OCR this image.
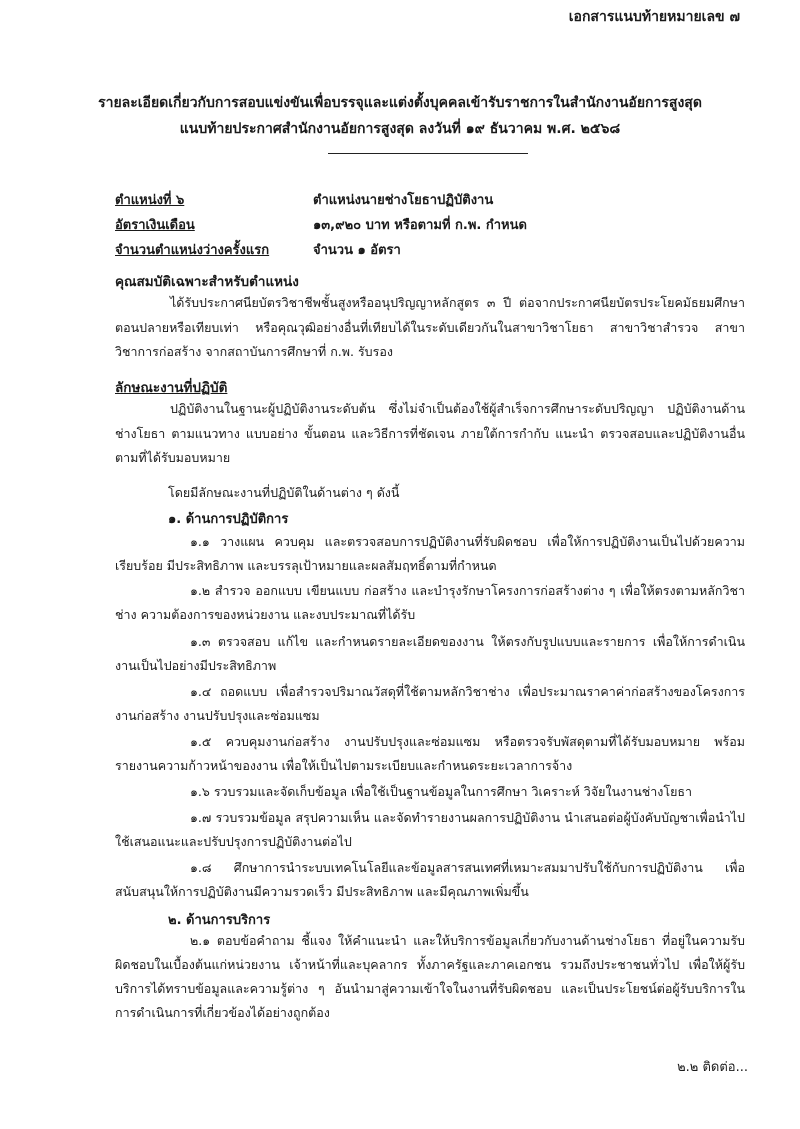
เอกสารแนบท้ายหมายเลข ๗
รายละเอียดเกี่ยวกับการสอบแข่งขันเพื่อบรรจุและแต่งตั้งบุคคลเข้ารับราชการในสำนักงานอัยการสูงสุด
แนบท้ายประกาศสำนักงานอัยการสูงสุด ลงวันที่ ๑๙ ธันวาคม พ.ศ. ๒๕๖๘
ตำแหน่งที่ ๖	ตำแหน่งนายช่างโยธาปฏิบัติงาน
อัตราเงินเดือน	๑๓,๙๒๐ บาท หรือตามที่ ก.พ. กำหนด
จำนวนตำแหน่งว่างครั้งแรก	จำนวน ๑ อัตรา
คุณสมบัติเฉพาะสำหรับตำแหน่ง
ได้รับประกาศนียบัตรวิชาชีพชั้นสูงหรืออนุปริญญาหลักสูตร ๓ ปี ต่อจากประกาศนียบัตรประโยคมัธยมศึกษาตอนปลายหรือเทียบเท่า หรือคุณวุฒิอย่างอื่นที่เทียบได้ในระดับเดียวกันในสาขาวิชาโยธา สาขาวิชาสำรวจ สาขาวิชาการก่อสร้าง จากสถาบันการศึกษาที่ ก.พ. รับรอง
ลักษณะงานที่ปฏิบัติ
ปฏิบัติงานในฐานะผู้ปฏิบัติงานระดับต้น ซึ่งไม่จำเป็นต้องใช้ผู้สำเร็จการศึกษาระดับปริญญา ปฏิบัติงานด้านช่างโยธา ตามแนวทาง แบบอย่าง ขั้นตอน และวิธีการที่ชัดเจน ภายใต้การกำกับ แนะนำ ตรวจสอบและปฏิบัติงานอื่นตามที่ได้รับมอบหมาย
โดยมีลักษณะงานที่ปฏิบัติในด้านต่าง ๆ ดังนี้
๑. ด้านการปฏิบัติการ
๑.๑ วางแผน ควบคุม และตรวจสอบการปฏิบัติงานที่รับผิดชอบ เพื่อให้การปฏิบัติงานเป็นไปด้วยความเรียบร้อย มีประสิทธิภาพ และบรรลุเป้าหมายและผลสัมฤทธิ์ตามที่กำหนด
๑.๒ สำรวจ ออกแบบ เขียนแบบ ก่อสร้าง และบำรุงรักษาโครงการก่อสร้างต่าง ๆ เพื่อให้ตรงตามหลักวิชาช่าง ความต้องการของหน่วยงาน และงบประมาณที่ได้รับ
๑.๓ ตรวจสอบ แก้ไข และกำหนดรายละเอียดของงาน ให้ตรงกับรูปแบบและรายการ เพื่อให้การดำเนินงานเป็นไปอย่างมีประสิทธิภาพ
๑.๔ ถอดแบบ เพื่อสำรวจปริมาณวัสดุที่ใช้ตามหลักวิชาช่าง เพื่อประมาณราคาค่าก่อสร้างของโครงการงานก่อสร้าง งานปรับปรุงและซ่อมแซม
๑.๕ ควบคุมงานก่อสร้าง งานปรับปรุงและซ่อมแซม หรือตรวจรับพัสดุตามที่ได้รับมอบหมาย พร้อมรายงานความก้าวหน้าของงาน เพื่อให้เป็นไปตามระเบียบและกำหนดระยะเวลาการจ้าง
๑.๖ รวบรวมและจัดเก็บข้อมูล เพื่อใช้เป็นฐานข้อมูลในการศึกษา วิเคราะห์ วิจัยในงานช่างโยธา
๑.๗ รวบรวมข้อมูล สรุปความเห็น และจัดทำรายงานผลการปฏิบัติงาน นำเสนอต่อผู้บังคับบัญชาเพื่อนำไปใช้เสนอแนะและปรับปรุงการปฏิบัติงานต่อไป
๑.๘ ศึกษาการนำระบบเทคโนโลยีและข้อมูลสารสนเทศที่เหมาะสมมาปรับใช้กับการปฏิบัติงาน เพื่อสนับสนุนให้การปฏิบัติงานมีความรวดเร็ว มีประสิทธิภาพ และมีคุณภาพเพิ่มขึ้น
๒. ด้านการบริการ
๒.๑ ตอบข้อคำถาม ชี้แจง ให้คำแนะนำ และให้บริการข้อมูลเกี่ยวกับงานด้านช่างโยธา ที่อยู่ในความรับผิดชอบในเบื้องต้นแก่หน่วยงาน เจ้าหน้าที่และบุคลากร ทั้งภาครัฐและภาคเอกชน รวมถึงประชาชนทั่วไป เพื่อให้ผู้รับบริการได้ทราบข้อมูลและความรู้ต่าง ๆ อันนำมาสู่ความเข้าใจในงานที่รับผิดชอบ และเป็นประโยชน์ต่อผู้รับบริการในการดำเนินการที่เกี่ยวข้องได้อย่างถูกต้อง
๒.๒ ติดต่อ...
